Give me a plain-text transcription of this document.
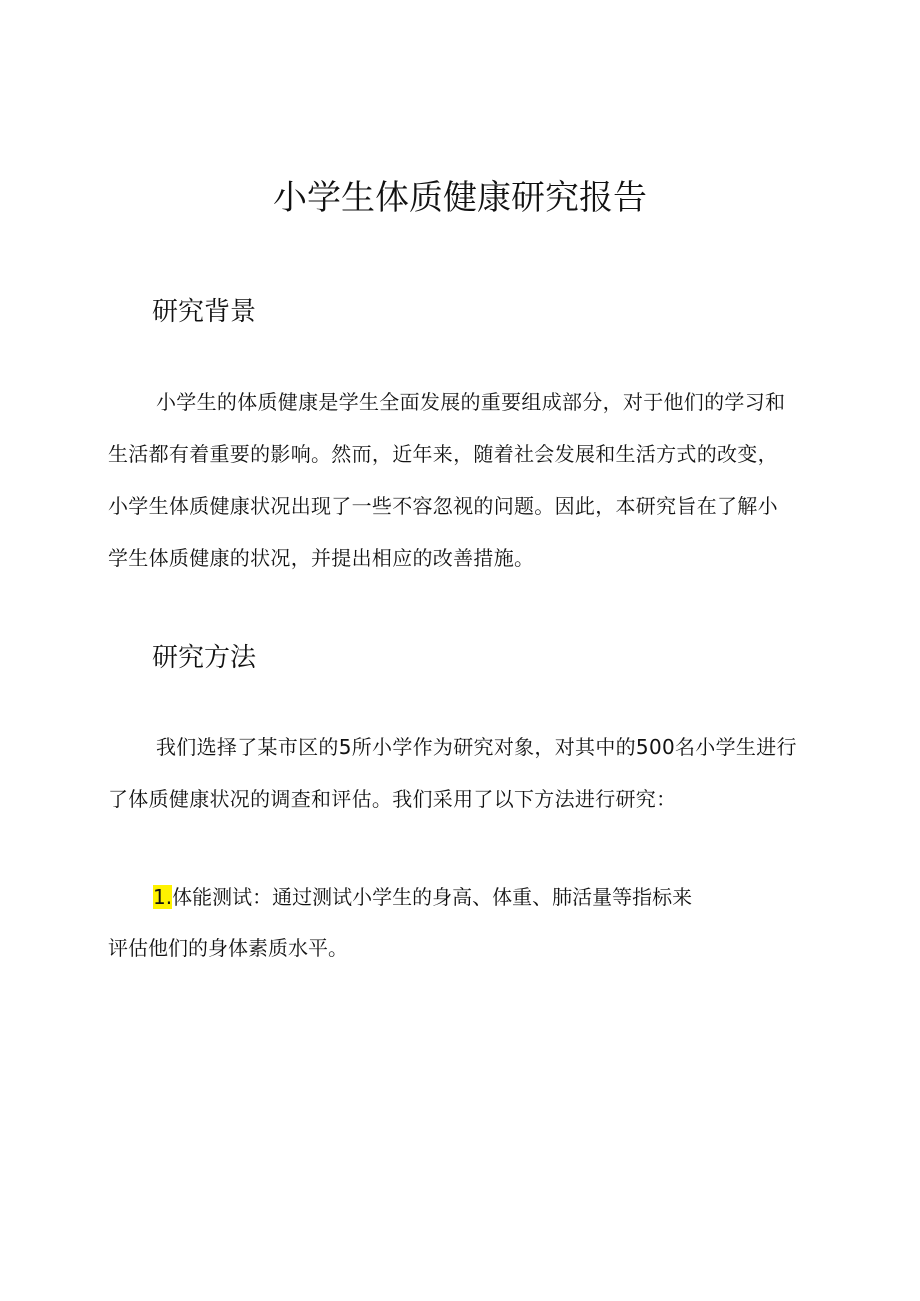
小学生体质健康研究报告
研究背景
小学生的体质健康是学生全面发展的重要组成部分，对于他们的学习和
生活都有着重要的影响。然而，近年来，随着社会发展和生活方式的改变，
小学生体质健康状况出现了一些不容忽视的问题。因此，本研究旨在了解小
学生体质健康的状况，并提出相应的改善措施。
研究方法
我们选择了某市区的5所小学作为研究对象，对其中的500名小学生进行
了体质健康状况的调查和评估。我们采用了以下方法进行研究：
1.体能测试：通过测试小学生的身高、体重、肺活量等指标来
评估他们的身体素质水平。
